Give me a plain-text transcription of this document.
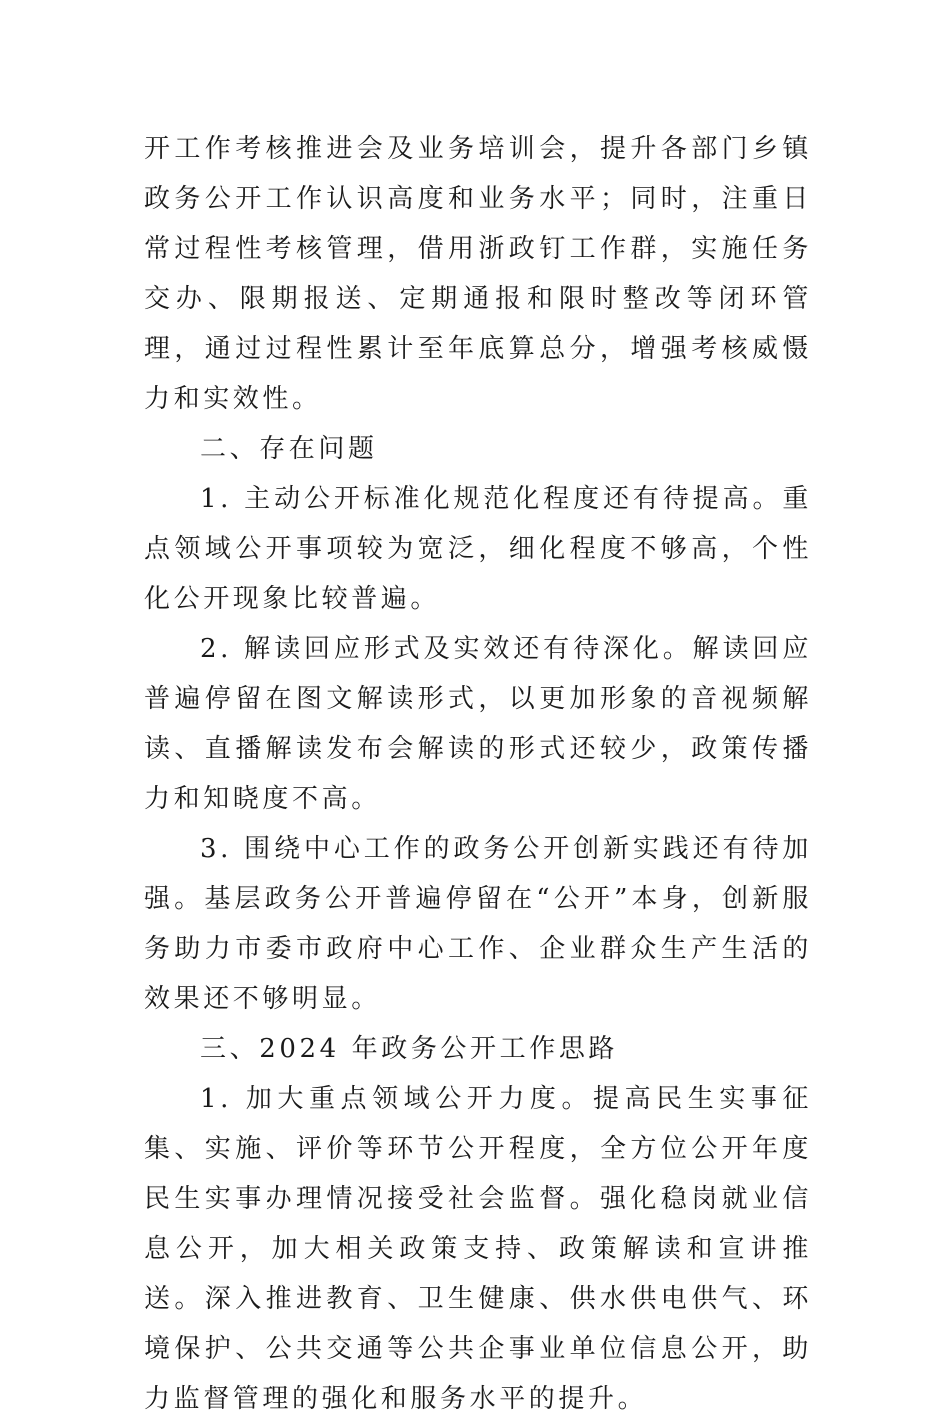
开工作考核推进会及业务培训会，提升各部门乡镇政务公开工作认识高度和业务水平；同时，注重日常过程性考核管理，借用浙政钉工作群，实施任务交办、限期报送、定期通报和限时整改等闭环管理，通过过程性累计至年底算总分，增强考核威慑力和实效性。

二、存在问题

1. 主动公开标准化规范化程度还有待提高。重点领域公开事项较为宽泛，细化程度不够高，个性化公开现象比较普遍。

2. 解读回应形式及实效还有待深化。解读回应普遍停留在图文解读形式，以更加形象的音视频解读、直播解读发布会解读的形式还较少，政策传播力和知晓度不高。

3. 围绕中心工作的政务公开创新实践还有待加强。基层政务公开普遍停留在“公开”本身，创新服务助力市委市政府中心工作、企业群众生产生活的效果还不够明显。

三、2024 年政务公开工作思路

1. 加大重点领域公开力度。提高民生实事征集、实施、评价等环节公开程度，全方位公开年度民生实事办理情况接受社会监督。强化稳岗就业信息公开，加大相关政策支持、政策解读和宣讲推送。深入推进教育、卫生健康、供水供电供气、环境保护、公共交通等公共企事业单位信息公开，助力监督管理的强化和服务水平的提升。
